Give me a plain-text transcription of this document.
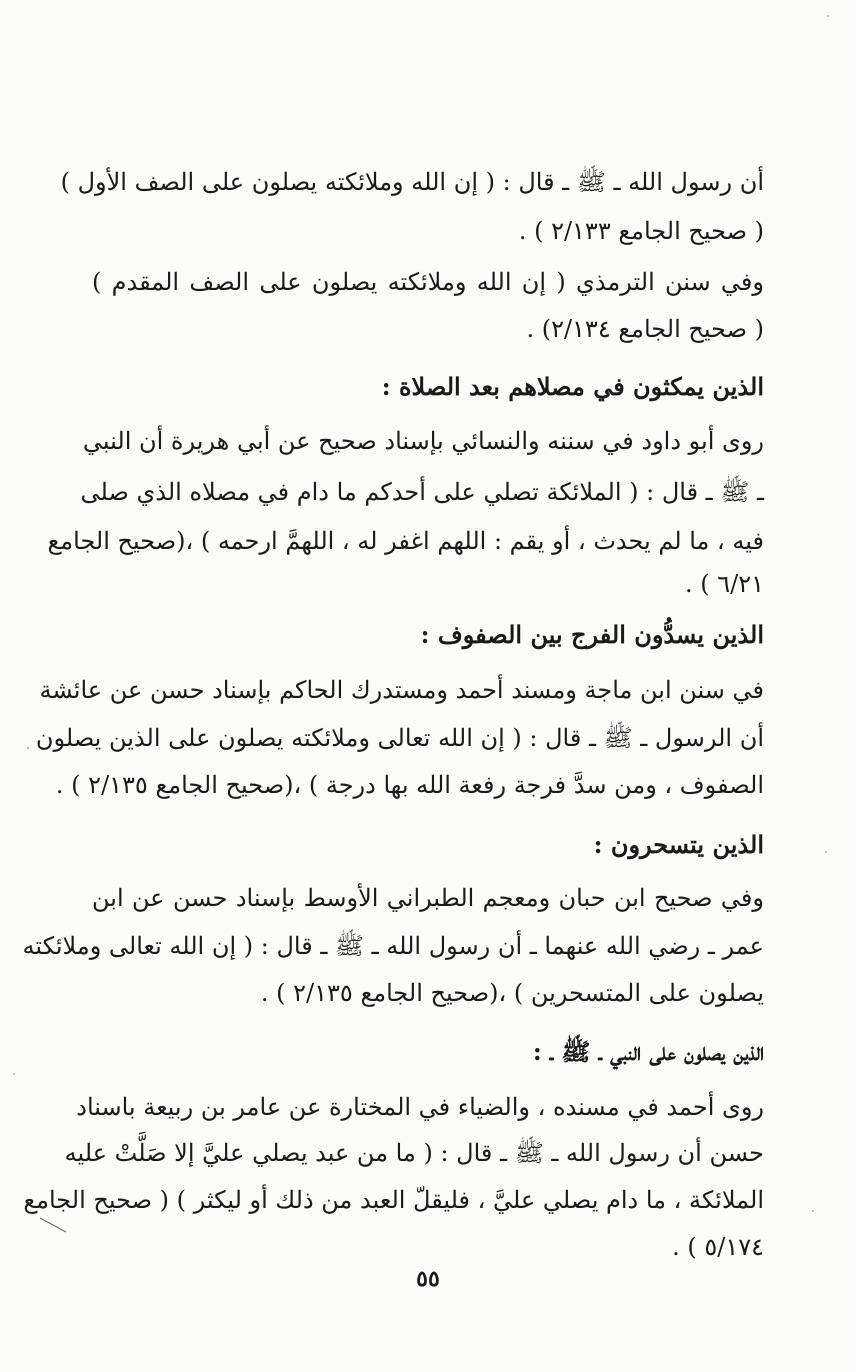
أن رسول الله ـ ﷺ ـ قال : ( إن الله وملائكته يصلون على الصف الأول )
( صحيح الجامع ٢/١٣٣ ) .
وفي سنن الترمذي ( إن الله وملائكته يصلون على الصف المقدم )
( صحيح الجامع ٢/١٣٤) .
الذين يمكثون في مصلاهم بعد الصلاة :
روى أبو داود في سننه والنسائي بإسناد صحيح عن أبي هريرة أن النبي
ـ ﷺ ـ قال : ( الملائكة تصلي على أحدكم ما دام في مصلاه الذي صلى
فيه ، ما لم يحدث ، أو يقم : اللهم اغفر له ، اللهمَّ ارحمه ) ،(صحيح الجامع
٦/٢١ ) .
الذين يسدُّون الفرج بين الصفوف :
في سنن ابن ماجة ومسند أحمد ومستدرك الحاكم بإسناد حسن عن عائشة
أن الرسول ـ ﷺ ـ قال : ( إن الله تعالى وملائكته يصلون على الذين يصلون
الصفوف ، ومن سدَّ فرجة رفعة الله بها درجة ) ،(صحيح الجامع ٢/١٣٥ ) .
الذين يتسحرون :
وفي صحيح ابن حبان ومعجم الطبراني الأوسط بإسناد حسن عن ابن
عمر ـ رضي الله عنهما ـ أن رسول الله ـ ﷺ ـ قال : ( إن الله تعالى وملائكته
يصلون على المتسحرين ) ،(صحيح الجامع ٢/١٣٥ ) .
الذين يصلون على النبي ـ ﷺ ـ :
روى أحمد في مسنده ، والضياء في المختارة عن عامر بن ربيعة باسناد
حسن أن رسول الله ـ ﷺ ـ قال : ( ما من عبد يصلي عليَّ إلا صَلَّتْ عليه
الملائكة ، ما دام يصلي عليَّ ، فليقلّ العبد من ذلك أو ليكثر ) ( صحيح الجامع
٥/١٧٤ ) .
٥٥
